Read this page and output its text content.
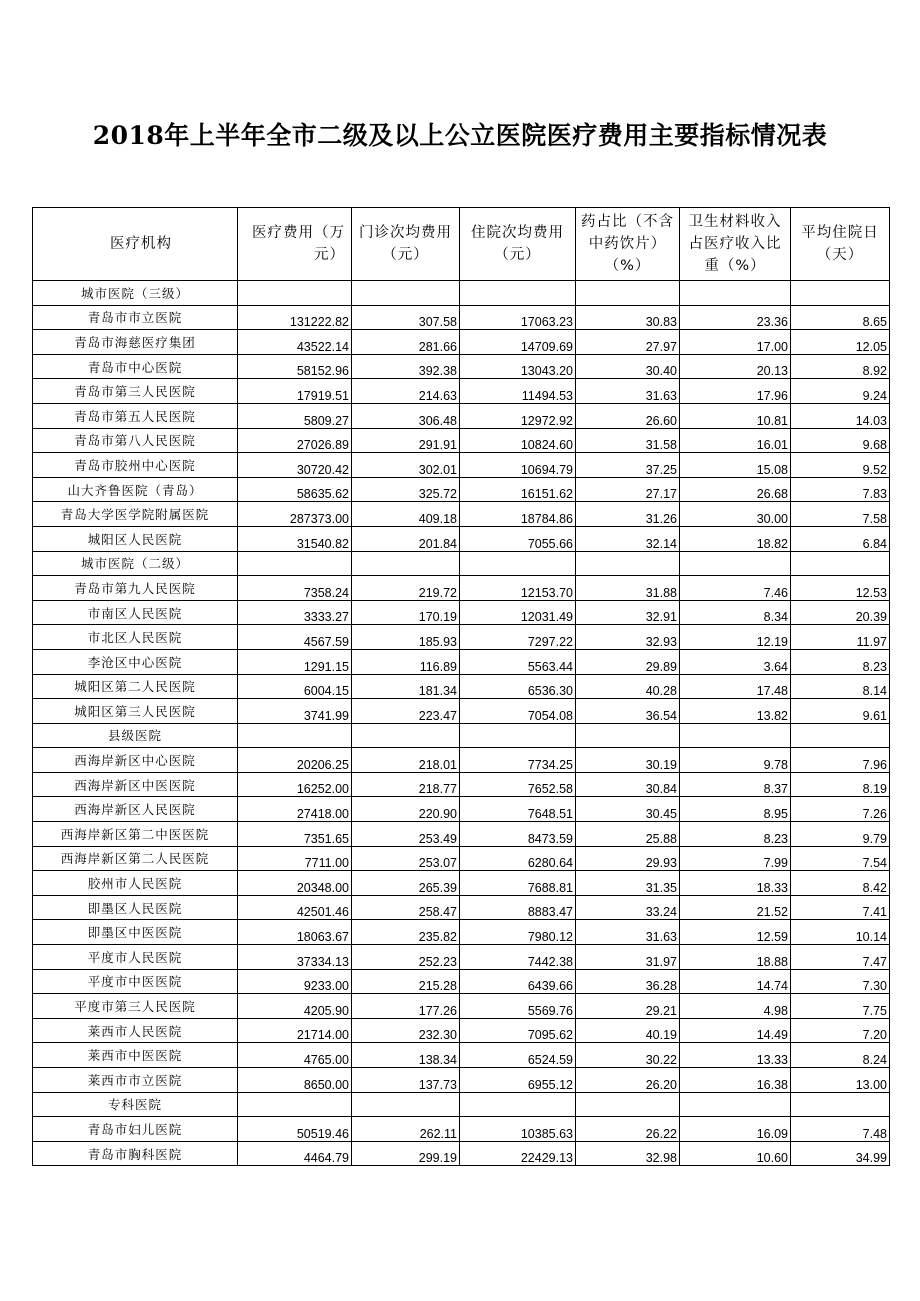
2018年上半年全市二级及以上公立医院医疗费用主要指标情况表
医疗机构	医疗费用（万元）	门诊次均费用（元）	住院次均费用（元）	药占比（不含中药饮片）（%）	卫生材料收入占医疗收入比重（%）	平均住院日（天）
城市医院（三级）						
青岛市市立医院	131222.82	307.58	17063.23	30.83	23.36	8.65
青岛市海慈医疗集团	43522.14	281.66	14709.69	27.97	17.00	12.05
青岛市中心医院	58152.96	392.38	13043.20	30.40	20.13	8.92
青岛市第三人民医院	17919.51	214.63	11494.53	31.63	17.96	9.24
青岛市第五人民医院	5809.27	306.48	12972.92	26.60	10.81	14.03
青岛市第八人民医院	27026.89	291.91	10824.60	31.58	16.01	9.68
青岛市胶州中心医院	30720.42	302.01	10694.79	37.25	15.08	9.52
山大齐鲁医院（青岛）	58635.62	325.72	16151.62	27.17	26.68	7.83
青岛大学医学院附属医院	287373.00	409.18	18784.86	31.26	30.00	7.58
城阳区人民医院	31540.82	201.84	7055.66	32.14	18.82	6.84
城市医院（二级）						
青岛市第九人民医院	7358.24	219.72	12153.70	31.88	7.46	12.53
市南区人民医院	3333.27	170.19	12031.49	32.91	8.34	20.39
市北区人民医院	4567.59	185.93	7297.22	32.93	12.19	11.97
李沧区中心医院	1291.15	116.89	5563.44	29.89	3.64	8.23
城阳区第二人民医院	6004.15	181.34	6536.30	40.28	17.48	8.14
城阳区第三人民医院	3741.99	223.47	7054.08	36.54	13.82	9.61
县级医院						
西海岸新区中心医院	20206.25	218.01	7734.25	30.19	9.78	7.96
西海岸新区中医医院	16252.00	218.77	7652.58	30.84	8.37	8.19
西海岸新区人民医院	27418.00	220.90	7648.51	30.45	8.95	7.26
西海岸新区第二中医医院	7351.65	253.49	8473.59	25.88	8.23	9.79
西海岸新区第二人民医院	7711.00	253.07	6280.64	29.93	7.99	7.54
胶州市人民医院	20348.00	265.39	7688.81	31.35	18.33	8.42
即墨区人民医院	42501.46	258.47	8883.47	33.24	21.52	7.41
即墨区中医医院	18063.67	235.82	7980.12	31.63	12.59	10.14
平度市人民医院	37334.13	252.23	7442.38	31.97	18.88	7.47
平度市中医医院	9233.00	215.28	6439.66	36.28	14.74	7.30
平度市第三人民医院	4205.90	177.26	5569.76	29.21	4.98	7.75
莱西市人民医院	21714.00	232.30	7095.62	40.19	14.49	7.20
莱西市中医医院	4765.00	138.34	6524.59	30.22	13.33	8.24
莱西市市立医院	8650.00	137.73	6955.12	26.20	16.38	13.00
专科医院						
青岛市妇儿医院	50519.46	262.11	10385.63	26.22	16.09	7.48
青岛市胸科医院	4464.79	299.19	22429.13	32.98	10.60	34.99
